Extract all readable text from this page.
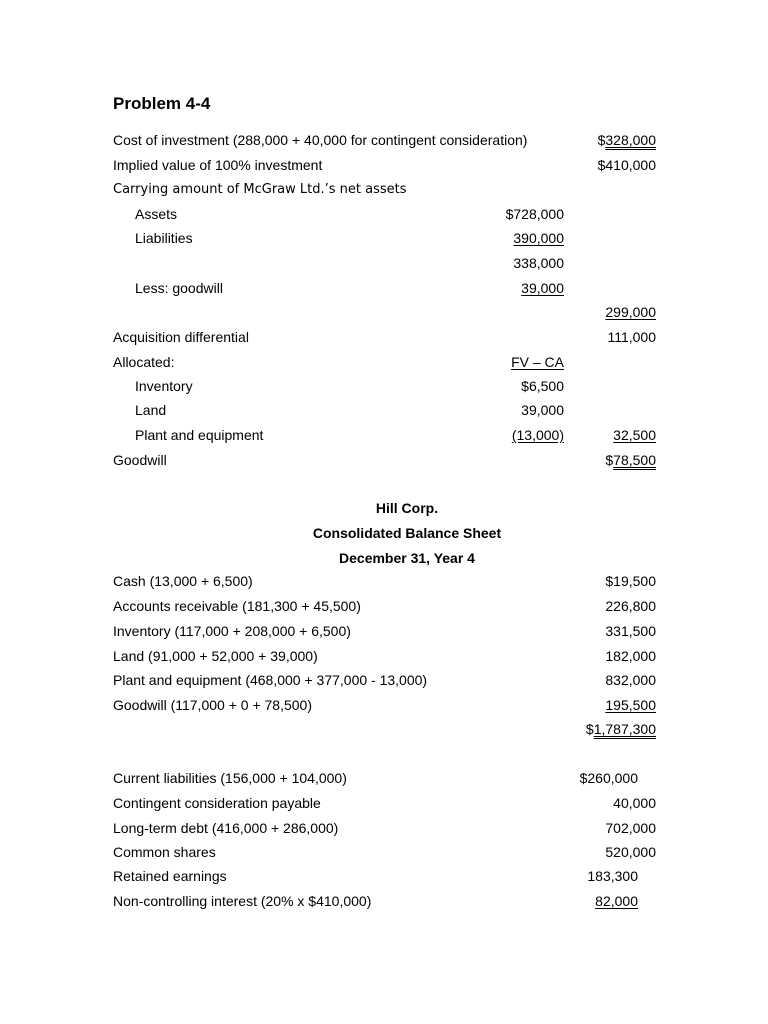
Problem 4-4
Cost of investment (288,000 + 40,000 for contingent consideration)	$328,000
Implied value of 100% investment	$410,000
Carrying amount of McGraw Ltd.’s net assets
Assets	$728,000
Liabilities	390,000
338,000
Less: goodwill	39,000
299,000
Acquisition differential	111,000
Allocated:	FV – CA
Inventory	$6,500
Land	39,000
Plant and equipment	(13,000)	32,500
Goodwill	$78,500
Hill Corp.
Consolidated Balance Sheet
December 31, Year 4
Cash (13,000 + 6,500)	$19,500
Accounts receivable (181,300 + 45,500)	226,800
Inventory (117,000 + 208,000 + 6,500)	331,500
Land (91,000 + 52,000 + 39,000)	182,000
Plant and equipment (468,000 + 377,000 - 13,000)	832,000
Goodwill (117,000 + 0 + 78,500)	195,500
$1,787,300
Current liabilities (156,000 + 104,000)	$260,000
Contingent consideration payable	40,000
Long-term debt (416,000 + 286,000)	702,000
Common shares	520,000
Retained earnings	183,300
Non-controlling interest (20% x $410,000)	82,000
